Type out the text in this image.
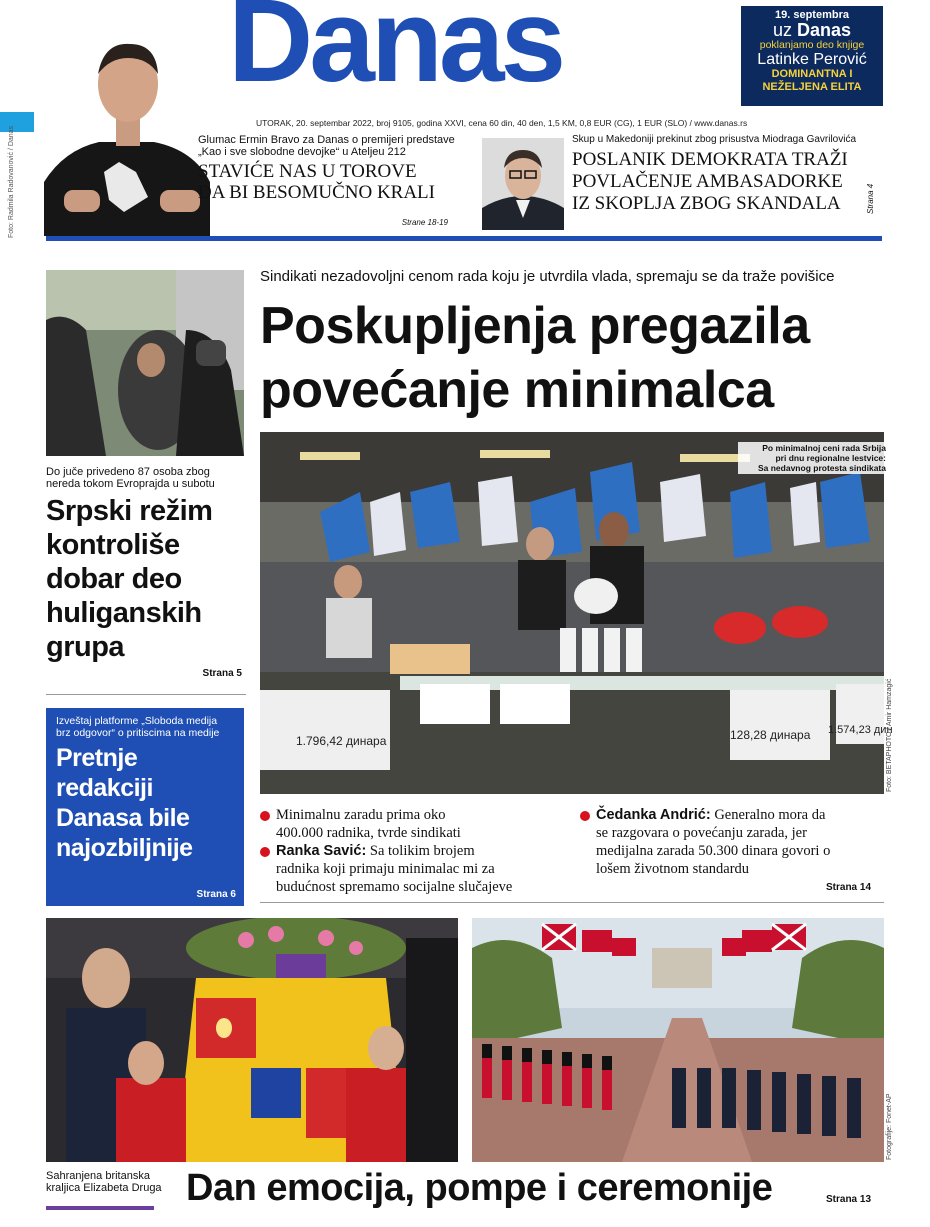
Foto: Radmila Radovanović / Danas
Danas
UTORAK, 20. septembar 2022, broj 9105, godina XXVI, cena 60 din, 40 den, 1,5 KM, 0,8 EUR (CG), 1 EUR (SLO) / www.danas.rs
19. septembra
uz Danas
poklanjamo deo knjige
Latinke Perović
DOMINANTNA I
NEŽELJENA ELITA
Glumac Ermin Bravo za Danas o premijeri predstave
„Kao i sve slobodne devojke“ u Ateljeu 212
STAVIĆE NAS U TOROVE
DA BI BESOMUČNO KRALI
Strane 18-19
Skup u Makedoniji prekinut zbog prisustva Miodraga Gavrilovića
POSLANIK DEMOKRATA TRAŽI
POVLAČENJE AMBASADORKE
IZ SKOPLJA ZBOG SKANDALA	Strana 4
Do juče privedeno 87 osoba zbog
nereda tokom Evroprajda u subotu
Srpski režim
kontroliše
dobar deo
huliganskih
grupa
Strana 5
Izveštaj platforme „Sloboda medija
brz odgovor“ o pritiscima na medije
Pretnje
redakciji
Danasa bile
najozbiljnije
Strana 6
Sindikati nezadovoljni cenom rada koju je utvrdila vlada, spremaju se da traže povišice
Poskupljenja pregazila
povećanje minimalca
1.796,42 динара	128,28 динара 1.574,23 дин
Po minimalnoj ceni rada Srbija
pri dnu regionalne lestvice:
Sa nedavnog protesta sindikata
Foto: BETAPHOTO / Amir Hamzagić
Minimalnu zaradu prima oko
400.000 radnika, tvrde sindikati
Ranka Savić: Sa tolikim brojem
radnika koji primaju minimalac mi za
budućnost spremamo socijalne slučajeve
Čedanka Andrić: Generalno mora da
se razgovara o povećanju zarada, jer
medijalna zarada 50.300 dinara govori o
lošem životnom standardu
Strana 14
Fotografije: Fonet-AP
Sahranjena britanska
kraljica Elizabeta Druga Dan emocija, pompe i ceremonije	Strana 13
